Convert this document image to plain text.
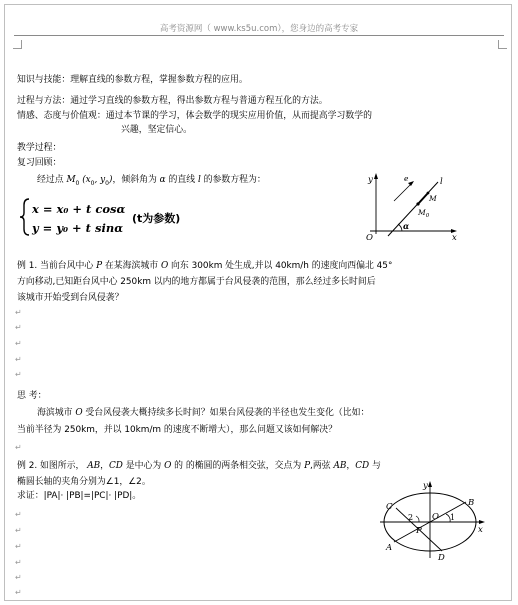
高考资源网（ www.ks5u.com），您身边的高考专家
知识与技能：理解直线的参数方程，掌握参数方程的应用。
过程与方法：通过学习直线的参数方程，得出参数方程与普通方程互化的方法。
情感、态度与价值观：通过本节课的学习，体会数学的现实应用价值，从而提高学习数学的
兴趣，坚定信心。
教学过程：
复习回顾：
经过点 $M_0$ ($x_0$, $y_0$)，倾斜角为 α 的直线 l 的参数方程为：
x = x₀ + t cosα
y = y₀ + t sinα
(t为参数)
y
x
O
l
e
M
$M_0$
α
例 1. 当前台风中心 P 在某海滨城市 O 向东 300km 处生成,并以 40km/h 的速度向西偏北 45°
方向移动,已知距台风中心 250km 以内的地方都属于台风侵袭的范围，那么经过多长时间后
该城市开始受到台风侵袭？
↵
↵
↵
↵
↵
思 考：
海滨城市 O 受台风侵袭大概持续多长时间？如果台风侵袭的半径也发生变化（比如：
当前半径为 250km，并以 10km/m 的速度不断增大），那么问题又该如何解决？
↵
例 2. 如图所示， AB，CD 是中心为 O 的 的椭圆的两条相交弦，交点为 P,两弦 AB，CD 与
椭圆长轴的夹角分别为∠1，∠2。
求证：|PA|· |PB|=|PC|· |PD|。
↵
↵
↵
↵
↵
↵
y
x
C	B
A
D
O
P
1
2
